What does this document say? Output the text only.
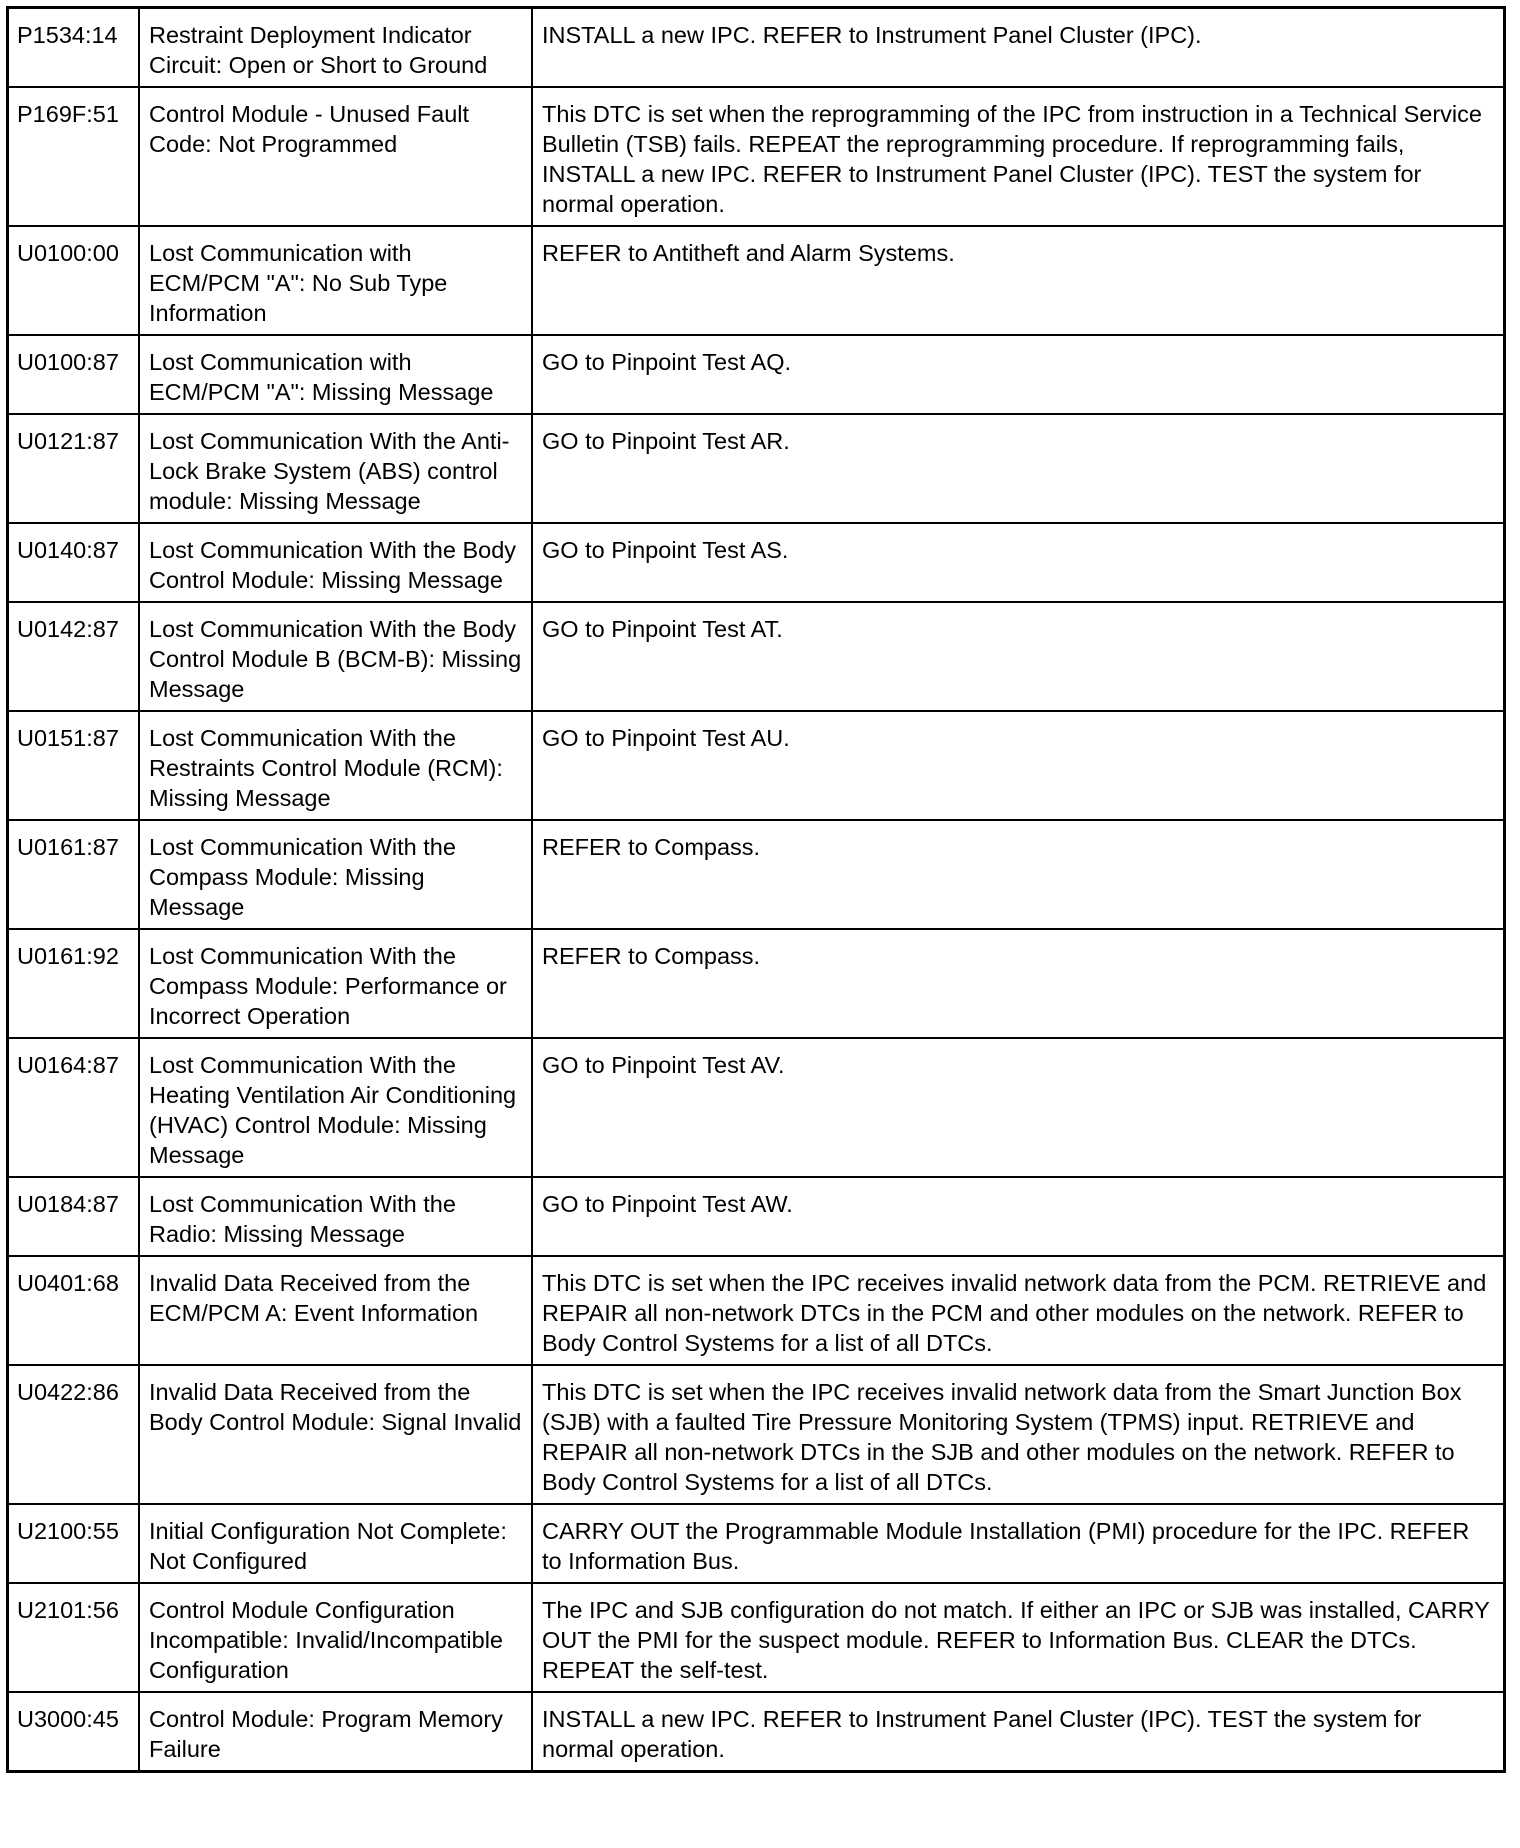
P1534:14	Restraint Deployment Indicator Circuit: Open or Short to Ground	INSTALL a new IPC. REFER to Instrument Panel Cluster (IPC).
P169F:51	Control Module - Unused Fault Code: Not Programmed	This DTC is set when the reprogramming of the IPC from instruction in a Technical Service Bulletin (TSB) fails. REPEAT the reprogramming procedure. If reprogramming fails, INSTALL a new IPC. REFER to Instrument Panel Cluster (IPC). TEST the system for normal operation.
U0100:00	Lost Communication with ECM/PCM "A": No Sub Type Information	REFER to Antitheft and Alarm Systems.
U0100:87	Lost Communication with ECM/PCM "A": Missing Message	GO to Pinpoint Test AQ.
U0121:87	Lost Communication With the Anti-Lock Brake System (ABS) control module: Missing Message	GO to Pinpoint Test AR.
U0140:87	Lost Communication With the Body Control Module: Missing Message	GO to Pinpoint Test AS.
U0142:87	Lost Communication With the Body Control Module B (BCM-B): Missing Message	GO to Pinpoint Test AT.
U0151:87	Lost Communication With the Restraints Control Module (RCM): Missing Message	GO to Pinpoint Test AU.
U0161:87	Lost Communication With the Compass Module: Missing Message	REFER to Compass.
U0161:92	Lost Communication With the Compass Module: Performance or Incorrect Operation	REFER to Compass.
U0164:87	Lost Communication With the Heating Ventilation Air Conditioning (HVAC) Control Module: Missing Message	GO to Pinpoint Test AV.
U0184:87	Lost Communication With the Radio: Missing Message	GO to Pinpoint Test AW.
U0401:68	Invalid Data Received from the ECM/PCM A: Event Information	This DTC is set when the IPC receives invalid network data from the PCM. RETRIEVE and REPAIR all non-network DTCs in the PCM and other modules on the network. REFER to Body Control Systems for a list of all DTCs.
U0422:86	Invalid Data Received from the Body Control Module: Signal Invalid	This DTC is set when the IPC receives invalid network data from the Smart Junction Box (SJB) with a faulted Tire Pressure Monitoring System (TPMS) input. RETRIEVE and REPAIR all non-network DTCs in the SJB and other modules on the network. REFER to Body Control Systems for a list of all DTCs.
U2100:55	Initial Configuration Not Complete: Not Configured	CARRY OUT the Programmable Module Installation (PMI) procedure for the IPC. REFER to Information Bus.
U2101:56	Control Module Configuration Incompatible: Invalid/Incompatible Configuration	The IPC and SJB configuration do not match. If either an IPC or SJB was installed, CARRY OUT the PMI for the suspect module. REFER to Information Bus. CLEAR the DTCs. REPEAT the self-test.
U3000:45	Control Module: Program Memory Failure	INSTALL a new IPC. REFER to Instrument Panel Cluster (IPC). TEST the system for normal operation.
